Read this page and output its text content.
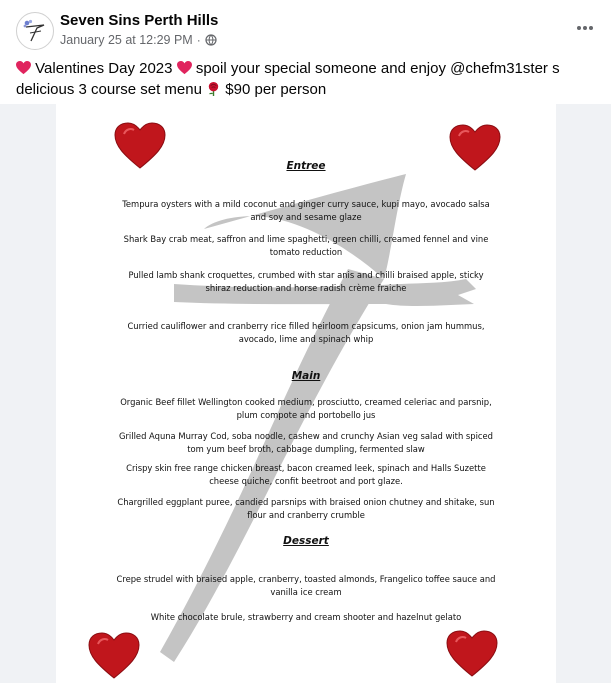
Seven Sins Perth Hills
January 25 at 12:29 PM ·
Valentines Day 2023  spoil your special someone and enjoy @chefm31ster s delicious 3 course set menu  $90 per person
Entree
Tempura oysters with a mild coconut and ginger curry sauce, kupi mayo, avocado salsa and soy and sesame glaze
Shark Bay crab meat, saffron and lime spaghetti, green chilli, creamed fennel and vine tomato reduction
Pulled lamb shank croquettes, crumbed with star anis and chilli braised apple, sticky shiraz reduction and horse radish crème fraiche
Curried cauliflower and cranberry rice filled heirloom capsicums, onion jam hummus, avocado, lime and spinach whip
Main
Organic Beef fillet Wellington cooked medium, prosciutto, creamed celeriac and parsnip, plum compote and portobello jus
Grilled Aquna Murray Cod, soba noodle, cashew and crunchy Asian veg salad with spiced tom yum beef broth, cabbage dumpling, fermented slaw
Crispy skin free range chicken breast, bacon creamed leek, spinach and Halls Suzette cheese quiche, confit beetroot and port glaze.
Chargrilled eggplant puree, candied parsnips with braised onion chutney and shitake, sun flour and cranberry crumble
Dessert
Crepe strudel with braised apple, cranberry, toasted almonds, Frangelico toffee sauce and vanilla ice cream
White chocolate brule, strawberry and cream shooter and hazelnut gelato
